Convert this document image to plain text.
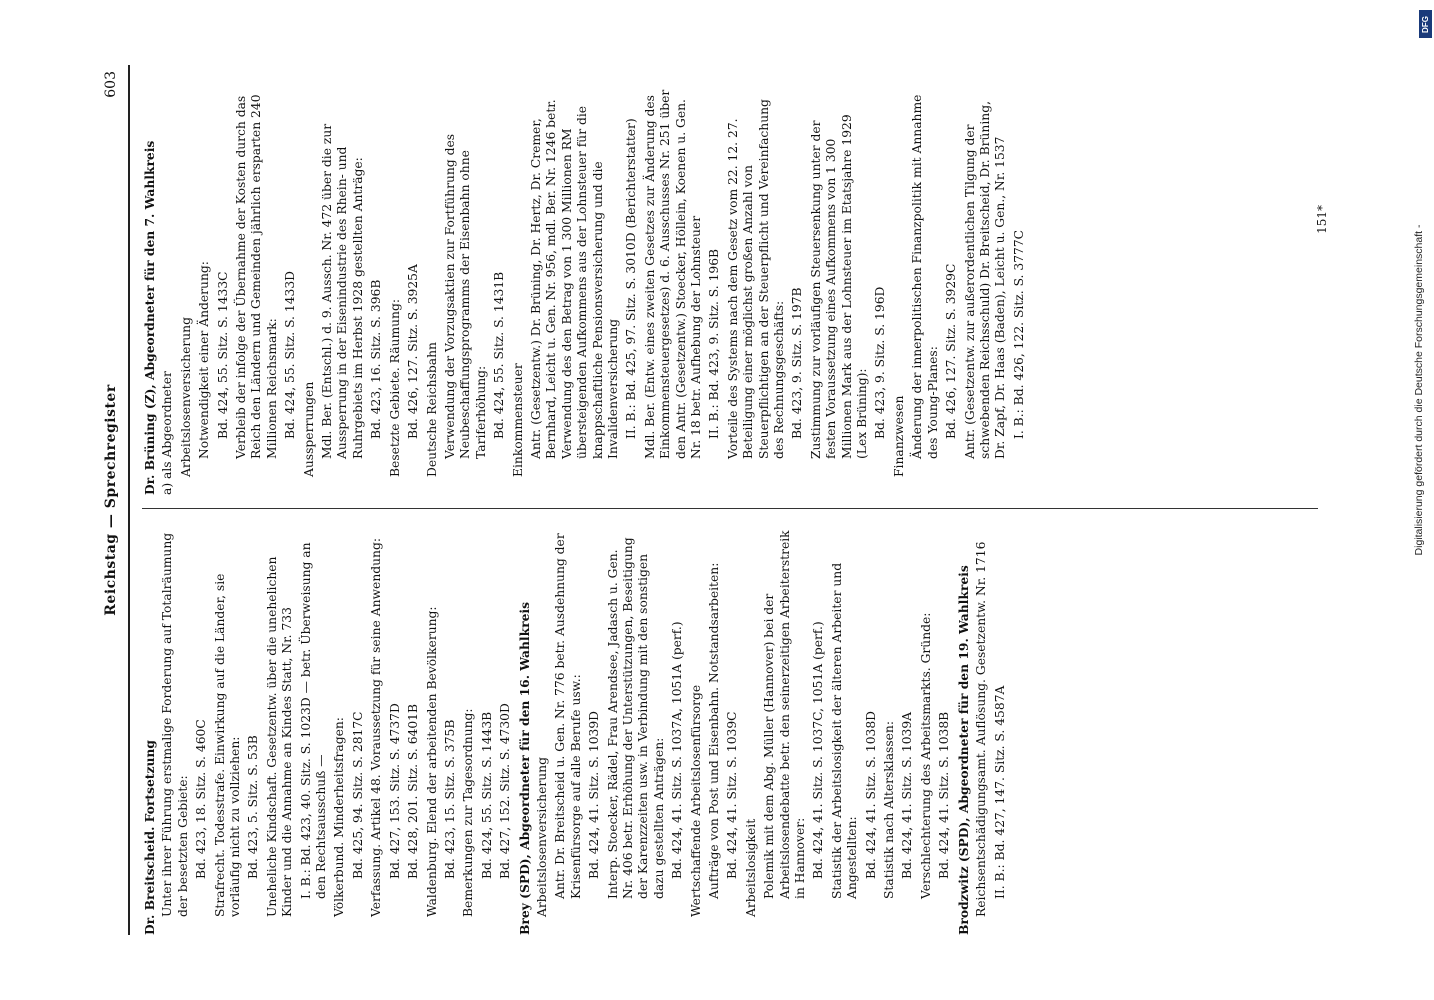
Reichstag — Sprechregister
603

Dr. Breitscheid. Fortsetzung Unter ihrer Führung erstmalige Forderung auf Totalräumung der besetzten Gebiete: Bd. 423, 18. Sitz. S. 460C Strafrecht. Todesstrafe. Einwirkung auf die Länder, sie vorläufig nicht zu vollziehen: Bd. 423, 5. Sitz. S. 53B Uneheliche Kindschaft. Gesetzentw. über die unehelichen Kinder und die Annahme an Kindes Statt, Nr. 733 I. B.: Bd. 423, 40. Sitz. S. 1023D — betr. Überweisung an den Rechtsausschuß — Völkerbund. Minderheitsfragen: Bd. 425, 94. Sitz. S. 2817C Verfassung. Artikel 48. Voraussetzung für seine Anwendung: Bd. 427, 153. Sitz. S. 4737D Bd. 428, 201. Sitz. S. 6401B Waldenburg. Elend der arbeitenden Bevölkerung: Bd. 423, 15. Sitz. S. 375B Bemerkungen zur Tagesordnung: Bd. 424, 55. Sitz. S. 1443B Bd. 427, 152. Sitz. S. 4730D Brey (SPD), Abgeordneter für den 16. Wahlkreis Arbeitslosenversicherung Antr. Dr. Breitscheid u. Gen. Nr. 776 betr. Ausdehnung der Krisenfürsorge auf alle Berufe usw.: Bd. 424, 41. Sitz. S. 1039D Interp. Stoecker, Rädel, Frau Arendsee, Jadasch u. Gen. Nr. 406 betr. Erhöhung der Unterstützungen, Beseitigung der Karenzzeiten usw. in Verbindung mit den sonstigen dazu gestellten Anträgen: Bd. 424, 41. Sitz. S. 1037A, 1051A (perf.) Wertschaffende Arbeitslosenfürsorge Aufträge von Post und Eisenbahn. Notstandsarbeiten: Bd. 424, 41. Sitz. S. 1039C Arbeitslosigkeit Polemik mit dem Abg. Müller (Hannover) bei der Arbeitslosendebatte betr. den seinerzeitigen Arbeiterstreik in Hannover: Bd. 424, 41. Sitz. S. 1037C, 1051A (perf.) Statistik der Arbeitslosigkeit der älteren Arbeiter und Angestellten: Bd. 424, 41. Sitz. S. 1038D Statistik nach Altersklassen: Bd. 424, 41. Sitz. S. 1039A Verschlechterung des Arbeitsmarkts. Gründe: Bd. 424, 41. Sitz. S. 1038B Brodzwitz (SPD), Abgeordneter für den 19. Wahlkreis Reichsentschädigungsamt. Auflösung. Gesetzentw. Nr. 1716 II. B.: Bd. 427, 147. Sitz. S. 4587A

Dr. Brüning (Z), Abgeordneter für den 7. Wahlkreis a) als Abgeordneter Arbeitslosenversicherung Notwendigkeit einer Änderung: Bd. 424, 55. Sitz. S. 1433C Verbleib der infolge der Übernahme der Kosten durch das Reich den Ländern und Gemeinden jährlich ersparten 240 Millionen Reichsmark: Bd. 424, 55. Sitz. S. 1433D Aussperrungen Mdl. Ber. (Entschl.) d. 9. Aussch. Nr. 472 über die zur Aussperrung in der Eisenindustrie des Rhein- und Ruhrgebiets im Herbst 1928 gestellten Anträge: Bd. 423, 16. Sitz. S. 396B Besetzte Gebiete. Räumung: Bd. 426, 127. Sitz. S. 3925A Deutsche Reichsbahn Verwendung der Vorzugsaktien zur Fortführung des Neubeschaffungsprogramms der Eisenbahn ohne Tariferhöhung: Bd. 424, 55. Sitz. S. 1431B Einkommensteuer Antr. (Gesetzentw.) Dr. Brüning, Dr. Hertz, Dr. Cremer, Bernhard, Leicht u. Gen. Nr. 956, mdl. Ber. Nr. 1246 betr. Verwendung des den Betrag von 1 300 Millionen RM übersteigenden Aufkommens aus der Lohnsteuer für die knappschaftliche Pensionsversicherung und die Invalidenversicherung II. B.: Bd. 425, 97. Sitz. S. 3010D (Berichterstatter) Mdl. Ber. (Entw. eines zweiten Gesetzes zur Änderung des Einkommensteuergesetzes) d. 6. Ausschusses Nr. 251 über den Antr. (Gesetzentw.) Stoecker, Höllein, Koenen u. Gen. Nr. 18 betr. Aufhebung der Lohnsteuer II. B.: Bd. 423, 9. Sitz. S. 196B Vorteile des Systems nach dem Gesetz vom 22. 12. 27. Beteiligung einer möglichst großen Anzahl von Steuerpflichtigen an der Steuerpflicht und Vereinfachung des Rechnungsgeschäfts: Bd. 423, 9. Sitz. S. 197B Zustimmung zur vorläufigen Steuersenkung unter der festen Voraussetzung eines Aufkommens von 1 300 Millionen Mark aus der Lohnsteuer im Etatsjahre 1929 (Lex Brüning): Bd. 423, 9. Sitz. S. 196D Finanzwesen Änderung der innerpolitischen Finanzpolitik mit Annahme des Young-Planes: Bd. 426, 127. Sitz. S. 3929C Antr. (Gesetzentw. zur außerordentlichen Tilgung der schwebenden Reichsschuld) Dr. Breitscheid, Dr. Brüning, Dr. Zapf, Dr. Haas (Baden), Leicht u. Gen., Nr. 1537 I. B.: Bd. 426, 122. Sitz. S. 3777C

151*
Digitalisierung gefördert durch die Deutsche Forschungsgemeinschaft -
DFG
